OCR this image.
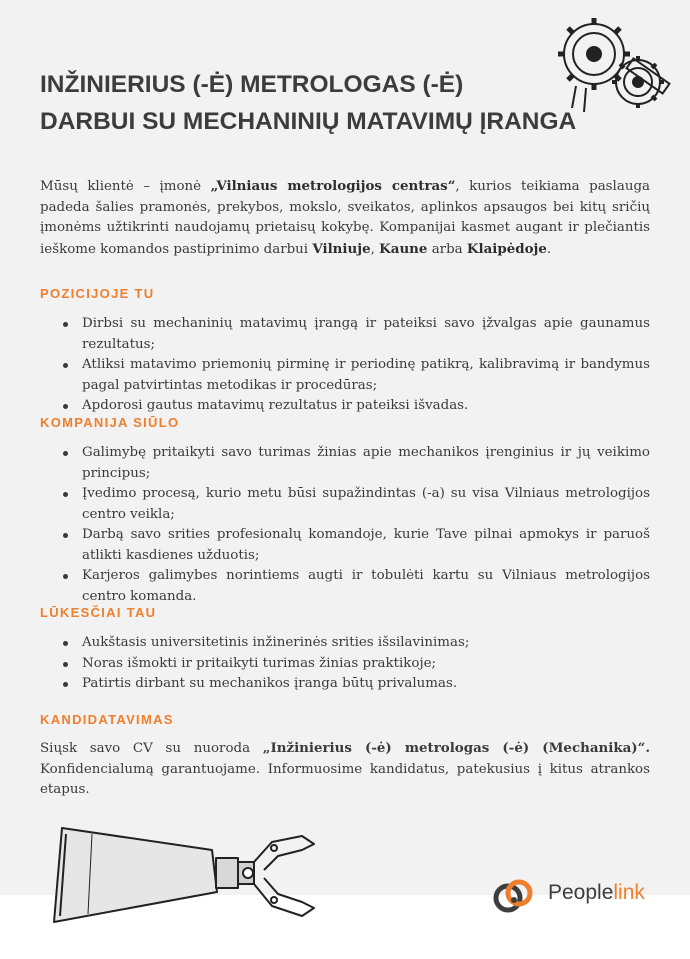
INŽINIERIUS (-Ė) METROLOGAS (-Ė)
DARBUI SU MECHANINIŲ MATAVIMŲ ĮRANGA

Mūsų klientė – įmonė „Vilniaus metrologijos centras“, kurios teikiama paslauga padeda šalies pramonės, prekybos, mokslo, sveikatos, aplinkos apsaugos bei kitų sričių įmonėms užtikrinti naudojamų prietaisų kokybę. Kompanijai kasmet augant ir plečiantis ieškome komandos pastiprinimo darbui Vilniuje, Kaune arba Klaipėdoje.

POZICIJOJE TU
Dirbsi su mechaninių matavimų įrangą ir pateiksi savo įžvalgas apie gaunamus rezultatus;
Atliksi matavimo priemonių pirminę ir periodinę patikrą, kalibravimą ir bandymus pagal patvirtintas metodikas ir procedūras;
Apdorosi gautus matavimų rezultatus ir pateiksi išvadas.
KOMPANIJA SIŪLO
Galimybę pritaikyti savo turimas žinias apie mechanikos įrenginius ir jų veikimo principus;
Įvedimo procesą, kurio metu būsi supažindintas (-a) su visa Vilniaus metrologijos centro veikla;
Darbą savo srities profesionalų komandoje, kurie Tave pilnai apmokys ir paruoš atlikti kasdienes užduotis;
Karjeros galimybes norintiems augti ir tobulėti kartu su Vilniaus metrologijos centro komanda.
LŪKESČIAI TAU
Aukštasis universitetinis inžinerinės srities išsilavinimas;
Noras išmokti ir pritaikyti turimas žinias praktikoje;
Patirtis dirbant su mechanikos įranga būtų privalumas.
KANDIDATAVIMAS

Siųsk savo CV su nuoroda „Inžinierius (-ė) metrologas (-ė) (Mechanika)“. Konfidencialumą garantuojame. Informuosime kandidatus, patekusius į kitus atrankos etapus.

Peoplelink
